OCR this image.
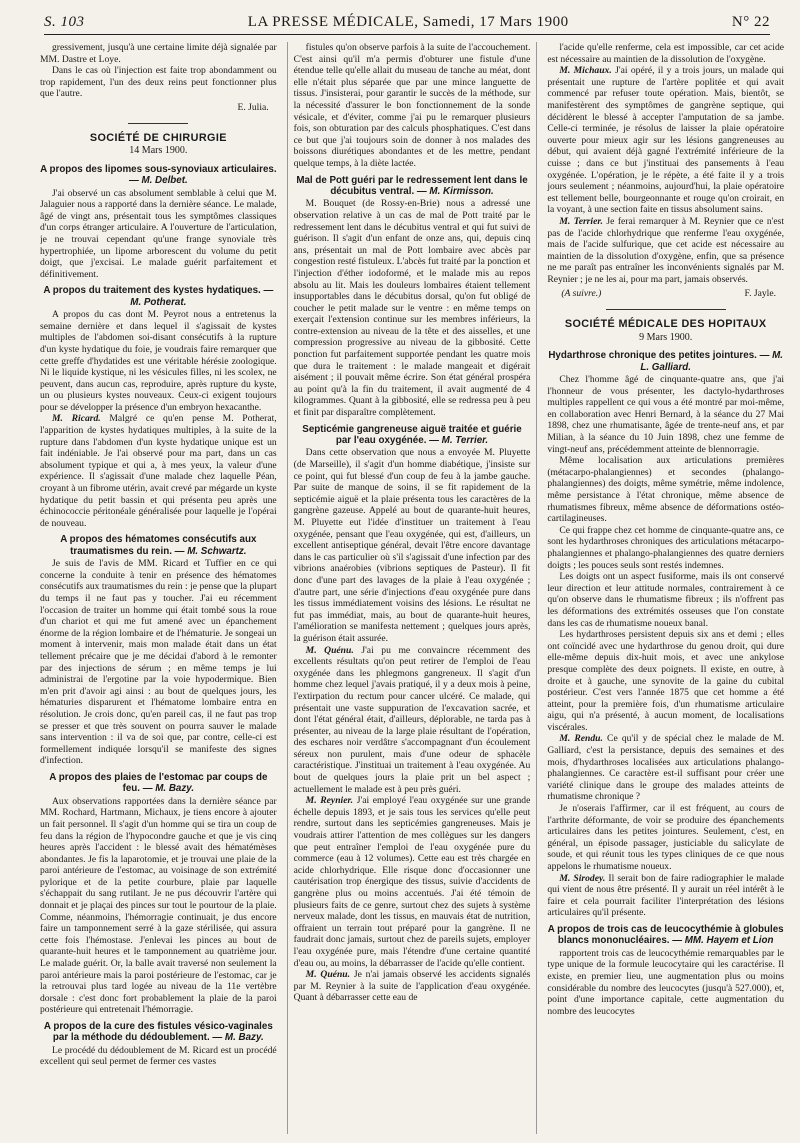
S. 103	LA PRESSE MÉDICALE, Samedi, 17 Mars 1900	N° 22

gressivement, jusqu'à une certaine limite déjà signalée par MM. Dastre et Loye.

Dans le cas où l'injection est faite trop abondamment ou trop rapidement, l'un des deux reins peut fonctionner plus que l'autre.

E. Julia.

SOCIÉTÉ DE CHIRURGIE
14 Mars 1900.
A propos des lipomes sous-synoviaux articulaires. — M. Delbet.

J'ai observé un cas absolument semblable à celui que M. Jalaguier nous a rapporté dans la dernière séance. Le malade, âgé de vingt ans, présentait tous les symptômes classiques d'un corps étranger articulaire. A l'ouverture de l'articulation, je ne trouvai cependant qu'une frange synoviale très hypertrophiée, un lipome arborescent du volume du petit doigt, que j'excisai. Le malade guérit parfaitement et définitivement.

A propos du traitement des kystes hydatiques. — M. Potherat.

A propos du cas dont M. Peyrot nous a entretenus la semaine dernière et dans lequel il s'agissait de kystes multiples de l'abdomen soi-disant consécutifs à la rupture d'un kyste hydatique du foie, je voudrais faire remarquer que cette greffe d'hydatides est une véritable hérésie zoologique. Ni le liquide kystique, ni les vésicules filles, ni les scolex, ne peuvent, dans aucun cas, reproduire, après rupture du kyste, un ou plusieurs kystes nouveaux. Ceux-ci exigent toujours pour se développer la présence d'un embryon hexacanthe.

M. Ricard. Malgré ce qu'en pense M. Potherat, l'apparition de kystes hydatiques multiples, à la suite de la rupture dans l'abdomen d'un kyste hydatique unique est un fait indéniable. Je l'ai observé pour ma part, dans un cas absolument typique et qui a, à mes yeux, la valeur d'une expérience. Il s'agissait d'une malade chez laquelle Péan, croyant à un fibrome utérin, avait crevé par mégarde un kyste hydatique du petit bassin et qui présenta peu après une échinococcie péritonéale généralisée pour laquelle je l'opérai de nouveau.

A propos des hématomes consécutifs aux traumatismes du rein. — M. Schwartz.

Je suis de l'avis de MM. Ricard et Tuffier en ce qui concerne la conduite à tenir en présence des hématomes consécutifs aux traumatismes du rein : je pense que la plupart du temps il ne faut pas y toucher. J'ai eu récemment l'occasion de traiter un homme qui était tombé sous la roue d'un chariot et qui me fut amené avec un épanchement énorme de la région lombaire et de l'hématurie. Je songeai un moment à intervenir, mais mon malade était dans un état tellement précaire que je me décidai d'abord à le remonter par des injections de sérum ; en même temps je lui administrai de l'ergotine par la voie hypodermique. Bien m'en prit d'avoir agi ainsi : au bout de quelques jours, les hématuries disparurent et l'hématome lombaire entra en résolution. Je crois donc, qu'en pareil cas, il ne faut pas trop se presser et que très souvent on pourra sauver le malade sans intervention : il va de soi que, par contre, celle-ci est formellement indiquée lorsqu'il se manifeste des signes d'infection.

A propos des plaies de l'estomac par coups de feu. — M. Bazy.

Aux observations rapportées dans la dernière séance par MM. Rochard, Hartmann, Michaux, je tiens encore à ajouter un fait personnel. Il s'agit d'un homme qui se tira un coup de feu dans la région de l'hypocondre gauche et que je vis cinq heures après l'accident : le blessé avait des hématémèses abondantes. Je fis la laparotomie, et je trouvai une plaie de la paroi antérieure de l'estomac, au voisinage de son extrémité pylorique et de la petite courbure, plaie par laquelle s'échappait du sang rutilant. Je ne pus découvrir l'artère qui donnait et je plaçai des pinces sur tout le pourtour de la plaie. Comme, néanmoins, l'hémorragie continuait, je dus encore faire un tamponnement serré à la gaze stérilisée, qui assura cette fois l'hémostase. J'enlevai les pinces au bout de quarante-huit heures et le tamponnement au quatrième jour. Le malade guérit. Or, la balle avait traversé non seulement la paroi antérieure mais la paroi postérieure de l'estomac, car je la retrouvai plus tard logée au niveau de la 11e vertèbre dorsale : c'est donc fort probablement la plaie de la paroi postérieure qui entretenait l'hémorragie.

A propos de la cure des fistules vésico-vaginales par la méthode du dédoublement. — M. Bazy.

Le procédé du dédoublement de M. Ricard est un procédé excellent qui seul permet de fermer ces vastes

fistules qu'on observe parfois à la suite de l'accouchement. C'est ainsi qu'il m'a permis d'obturer une fistule d'une étendue telle qu'elle allait du museau de tanche au méat, dont elle n'était plus séparée que par une mince languette de tissus. J'insisterai, pour garantir le succès de la méthode, sur la nécessité d'assurer le bon fonctionnement de la sonde vésicale, et d'éviter, comme j'ai pu le remarquer plusieurs fois, son obturation par des calculs phosphatiques. C'est dans ce but que j'ai toujours soin de donner à nos malades des boissons diurétiques abondantes et de les mettre, pendant quelque temps, à la diète lactée.

Mal de Pott guéri par le redressement lent dans le décubitus ventral. — M. Kirmisson.

M. Bouquet (de Rossy-en-Brie) nous a adressé une observation relative à un cas de mal de Pott traité par le redressement lent dans le décubitus ventral et qui fut suivi de guérison. Il s'agit d'un enfant de onze ans, qui, depuis cinq ans, présentait un mal de Pott lombaire avec abcès par congestion resté fistuleux. L'abcès fut traité par la ponction et l'injection d'éther iodoformé, et le malade mis au repos absolu au lit. Mais les douleurs lombaires étaient tellement insupportables dans le décubitus dorsal, qu'on fut obligé de coucher le petit malade sur le ventre : en même temps on exerçait l'extension continue sur les membres inférieurs, la contre-extension au niveau de la tête et des aisselles, et une compression progressive au niveau de la gibbosité. Cette ponction fut parfaitement supportée pendant les quatre mois que dura le traitement : le malade mangeait et digérait aisément ; il pouvait même écrire. Son état général prospéra au point qu'à la fin du traitement, il avait augmenté de 4 kilogrammes. Quant à la gibbosité, elle se redressa peu à peu et finit par disparaître complètement.

Septicémie gangreneuse aiguë traitée et guérie par l'eau oxygénée. — M. Terrier.

Dans cette observation que nous a envoyée M. Pluyette (de Marseille), il s'agit d'un homme diabétique, j'insiste sur ce point, qui fut blessé d'un coup de feu à la jambe gauche. Par suite de manque de soins, il se fit rapidement de la septicémie aiguë et la plaie présenta tous les caractères de la gangrène gazeuse. Appelé au bout de quarante-huit heures, M. Pluyette eut l'idée d'instituer un traitement à l'eau oxygénée, pensant que l'eau oxygénée, qui est, d'ailleurs, un excellent antiseptique général, devait l'être encore davantage dans le cas particulier où s'il s'agissait d'une infection par des vibrions anaérobies (vibrions septiques de Pasteur). Il fit donc d'une part des lavages de la plaie à l'eau oxygénée ; d'autre part, une série d'injections d'eau oxygénée pure dans les tissus immédiatement voisins des lésions. Le résultat ne fut pas immédiat, mais, au bout de quarante-huit heures, l'amélioration se manifesta nettement ; quelques jours après, la guérison était assurée.

M. Quénu. J'ai pu me convaincre récemment des excellents résultats qu'on peut retirer de l'emploi de l'eau oxygénée dans les phlegmons gangreneux. Il s'agit d'un homme chez lequel j'avais pratiqué, il y a deux mois à peine, l'extirpation du rectum pour cancer ulcéré. Ce malade, qui présentait une vaste suppuration de l'excavation sacrée, et dont l'état général était, d'ailleurs, déplorable, ne tarda pas à présenter, au niveau de la large plaie résultant de l'opération, des eschares noir verdâtre s'accompagnant d'un écoulement séreux non purulent, mais d'une odeur de sphacèle caractéristique. J'instituai un traitement à l'eau oxygénée. Au bout de quelques jours la plaie prit un bel aspect ; actuellement le malade est à peu près guéri.

M. Reynier. J'ai employé l'eau oxygénée sur une grande échelle depuis 1893, et je sais tous les services qu'elle peut rendre, surtout dans les septicémies gangreneuses. Mais je voudrais attirer l'attention de mes collègues sur les dangers que peut entraîner l'emploi de l'eau oxygénée pure du commerce (eau à 12 volumes). Cette eau est très chargée en acide chlorhydrique. Elle risque donc d'occasionner une cautérisation trop énergique des tissus, suivie d'accidents de gangrène plus ou moins accentués. J'ai été témoin de plusieurs faits de ce genre, surtout chez des sujets à système nerveux malade, dont les tissus, en mauvais état de nutrition, offraient un terrain tout préparé pour la gangrène. Il ne faudrait donc jamais, surtout chez de pareils sujets, employer l'eau oxygénée pure, mais l'étendre d'une certaine quantité d'eau ou, au moins, la débarrasser de l'acide qu'elle contient.

M. Quénu. Je n'ai jamais observé les accidents signalés par M. Reynier à la suite de l'application d'eau oxygénée. Quant à débarrasser cette eau de

l'acide qu'elle renferme, cela est impossible, car cet acide est nécessaire au maintien de la dissolution de l'oxygène.

M. Michaux. J'ai opéré, il y a trois jours, un malade qui présentait une rupture de l'artère poplitée et qui avait commencé par refuser toute opération. Mais, bientôt, se manifestèrent des symptômes de gangrène septique, qui décidèrent le blessé à accepter l'amputation de sa jambe. Celle-ci terminée, je résolus de laisser la plaie opératoire ouverte pour mieux agir sur les lésions gangreneuses au début, qui avaient déjà gagné l'extrémité inférieure de la cuisse ; dans ce but j'instituai des pansements à l'eau oxygénée. L'opération, je le répète, a été faite il y a trois jours seulement ; néanmoins, aujourd'hui, la plaie opératoire est tellement belle, bourgeonnante et rouge qu'on croirait, en la voyant, à une section faite en tissus absolument sains.

M. Terrier. Je ferai remarquer à M. Reynier que ce n'est pas de l'acide chlorhydrique que renferme l'eau oxygénée, mais de l'acide sulfurique, que cet acide est nécessaire au maintien de la dissolution d'oxygène, enfin, que sa présence ne me paraît pas entraîner les inconvénients signalés par M. Reynier ; je ne les ai, pour ma part, jamais observés.

(A suivre.)	F. Jayle.
SOCIÉTÉ MÉDICALE DES HOPITAUX
9 Mars 1900.
Hydarthrose chronique des petites jointures. — M. L. Galliard.

Chez l'homme âgé de cinquante-quatre ans, que j'ai l'honneur de vous présenter, les dactylo-hydarthroses multiples rappellent ce qui vous a été montré par moi-même, en collaboration avec Henri Bernard, à la séance du 27 Mai 1898, chez une rhumatisante, âgée de trente-neuf ans, et par Milian, à la séance du 10 Juin 1898, chez une femme de vingt-neuf ans, précédemment atteinte de blennorragie.

Même localisation aux articulations premières (métacarpo-phalangiennes) et secondes (phalango-phalangiennes) des doigts, même symétrie, même indolence, même persistance à l'état chronique, même absence de rhumatismes fibreux, même absence de déformations ostéo-cartilagineuses.

Ce qui frappe chez cet homme de cinquante-quatre ans, ce sont les hydarthroses chroniques des articulations métacarpo-phalangiennes et phalango-phalangiennes des quatre derniers doigts ; les pouces seuls sont restés indemnes.

Les doigts ont un aspect fusiforme, mais ils ont conservé leur direction et leur attitude normales, contrairement à ce qu'on observe dans le rhumatisme fibreux ; ils n'offrent pas les déformations des extrémités osseuses que l'on constate dans les cas de rhumatisme noueux banal.

Les hydarthroses persistent depuis six ans et demi ; elles ont coïncidé avec une hydarthrose du genou droit, qui dure elle-même depuis dix-huit mois, et avec une ankylose presque complète des deux poignets. Il existe, en outre, à droite et à gauche, une synovite de la gaine du cubital postérieur. C'est vers l'année 1875 que cet homme a été atteint, pour la première fois, d'un rhumatisme articulaire aigu, qui n'a présenté, à aucun moment, de localisations viscérales.

M. Rendu. Ce qu'il y de spécial chez le malade de M. Galliard, c'est la persistance, depuis des semaines et des mois, d'hydarthroses localisées aux articulations phalango-phalangiennes. Ce caractère est-il suffisant pour créer une variété clinique dans le groupe des malades atteints de rhumatisme chronique ?

Je n'oserais l'affirmer, car il est fréquent, au cours de l'arthrite déformante, de voir se produire des épanchements articulaires dans les petites jointures. Seulement, c'est, en général, un épisode passager, justiciable du salicylate de soude, et qui réunit tous les types cliniques de ce que nous appelons le rhumatisme noueux.

M. Sirodey. Il serait bon de faire radiographier le malade qui vient de nous être présenté. Il y aurait un réel intérêt à le faire et cela pourrait faciliter l'interprétation des lésions articulaires qu'il présente.

A propos de trois cas de leucocythémie à globules blancs mononucléaires. — MM. Hayem et Lion

rapportent trois cas de leucocythémie remarquables par le type unique de la formule leucocytaire qui les caractérise. Il existe, en premier lieu, une augmentation plus ou moins considérable du nombre des leucocytes (jusqu'à 527.000), et, point d'une importance capitale, cette augmentation du nombre des leucocytes
